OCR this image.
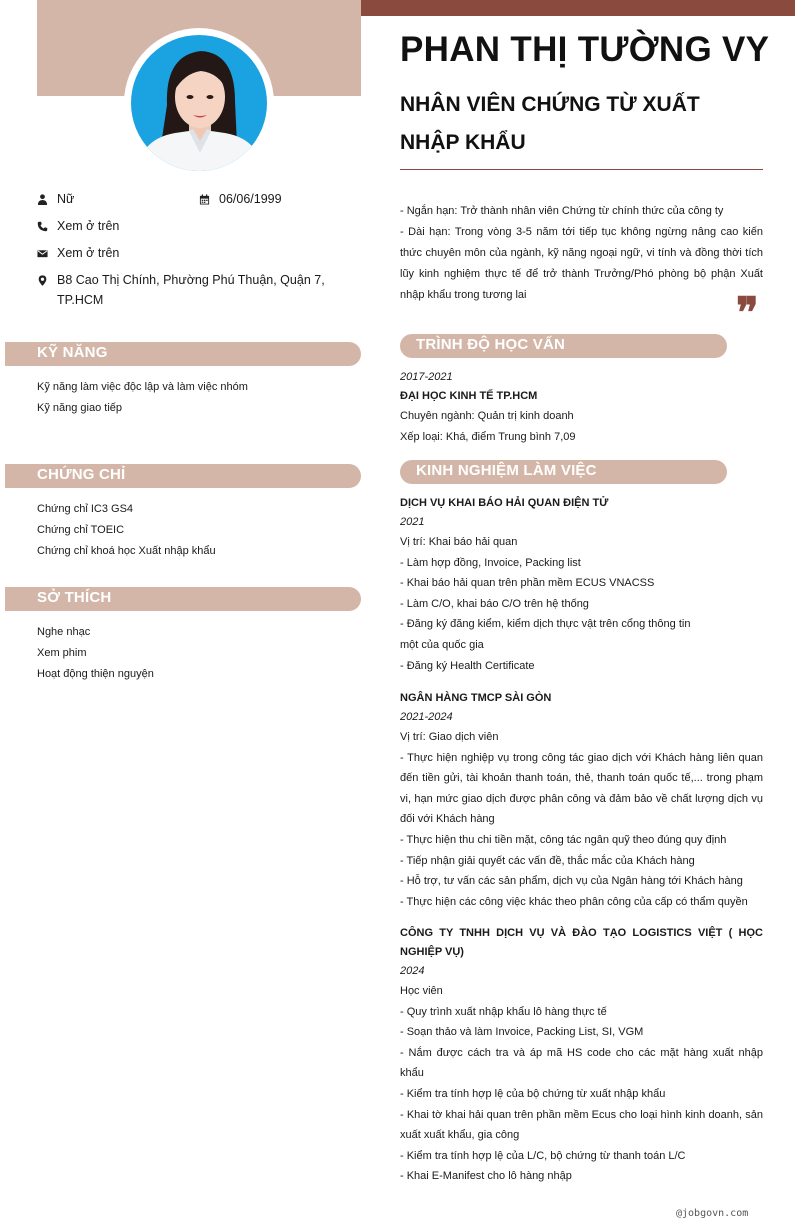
Nữ	06/06/1999
Xem ở trên
Xem ở trên
B8 Cao Thị Chính, Phường Phú Thuận, Quận 7, TP.HCM
KỸ NĂNG
Kỹ năng làm việc độc lập và làm việc nhóm
Kỹ năng giao tiếp
CHỨNG CHỈ
Chứng chỉ IC3 GS4
Chứng chỉ TOEIC
Chứng chỉ khoá học Xuất nhập khẩu
SỞ THÍCH
Nghe nhạc
Xem phim
Hoạt động thiện nguyện
PHAN THỊ TƯỜNG VY
NHÂN VIÊN CHỨNG TỪ XUẤT NHẬP KHẨU
- Ngắn hạn: Trở thành nhân viên Chứng từ chính thức của công ty
- Dài hạn: Trong vòng 3-5 năm tới tiếp tục không ngừng nâng cao kiến thức chuyên môn của ngành, kỹ năng ngoại ngữ, vi tính và đồng thời tích lũy kinh nghiệm thực tế để trở thành Trưởng/Phó phòng bộ phận Xuất nhập khẩu trong tương lai	❞
TRÌNH ĐỘ HỌC VẤN
2017-2021
ĐẠI HỌC KINH TẾ TP.HCM
Chuyên ngành: Quản trị kinh doanh
Xếp loại: Khá, điểm Trung bình 7,09
KINH NGHIỆM LÀM VIỆC
DỊCH VỤ KHAI BÁO HẢI QUAN ĐIỆN TỬ
2021
Vị trí: Khai báo hải quan
- Làm hợp đồng, Invoice, Packing list
- Khai báo hải quan trên phần mềm ECUS VNACSS
- Làm C/O, khai báo C/O trên hệ thống
- Đăng ký đăng kiểm, kiểm dịch thực vật trên cổng thông tin
một của quốc gia
- Đăng ký Health Certificate
NGÂN HÀNG TMCP SÀI GÒN
2021-2024
Vị trí: Giao dịch viên
- Thực hiện nghiệp vụ trong công tác giao dịch với Khách hàng liên quan đến tiền gửi, tài khoản thanh toán, thẻ, thanh toán quốc tế,... trong phạm vi, hạn mức giao dịch được phân công và đảm bảo về chất lượng dịch vụ đối với Khách hàng
- Thực hiện thu chi tiền mặt, công tác ngân quỹ theo đúng quy định
- Tiếp nhận giải quyết các vấn đề, thắc mắc của Khách hàng
- Hỗ trợ, tư vấn các sản phẩm, dịch vụ của Ngân hàng tới Khách hàng
- Thực hiện các công việc khác theo phân công của cấp có thẩm quyền
CÔNG TY TNHH DỊCH VỤ VÀ ĐÀO TẠO LOGISTICS VIỆT ( HỌC NGHIỆP VỤ)
2024
Học viên
- Quy trình xuất nhập khẩu lô hàng thực tế
- Soạn thảo và làm Invoice, Packing List, SI, VGM
- Nắm được cách tra và áp mã HS code cho các mặt hàng xuất nhập khẩu
- Kiểm tra tính hợp lệ của bộ chứng từ xuất nhập khẩu
- Khai tờ khai hải quan trên phần mềm Ecus cho loại hình kinh doanh, sản xuất xuất khẩu, gia công
- Kiểm tra tính hợp lệ của L/C, bộ chứng từ thanh toán L/C
- Khai E-Manifest cho lô hàng nhập
@jobgovn.com
